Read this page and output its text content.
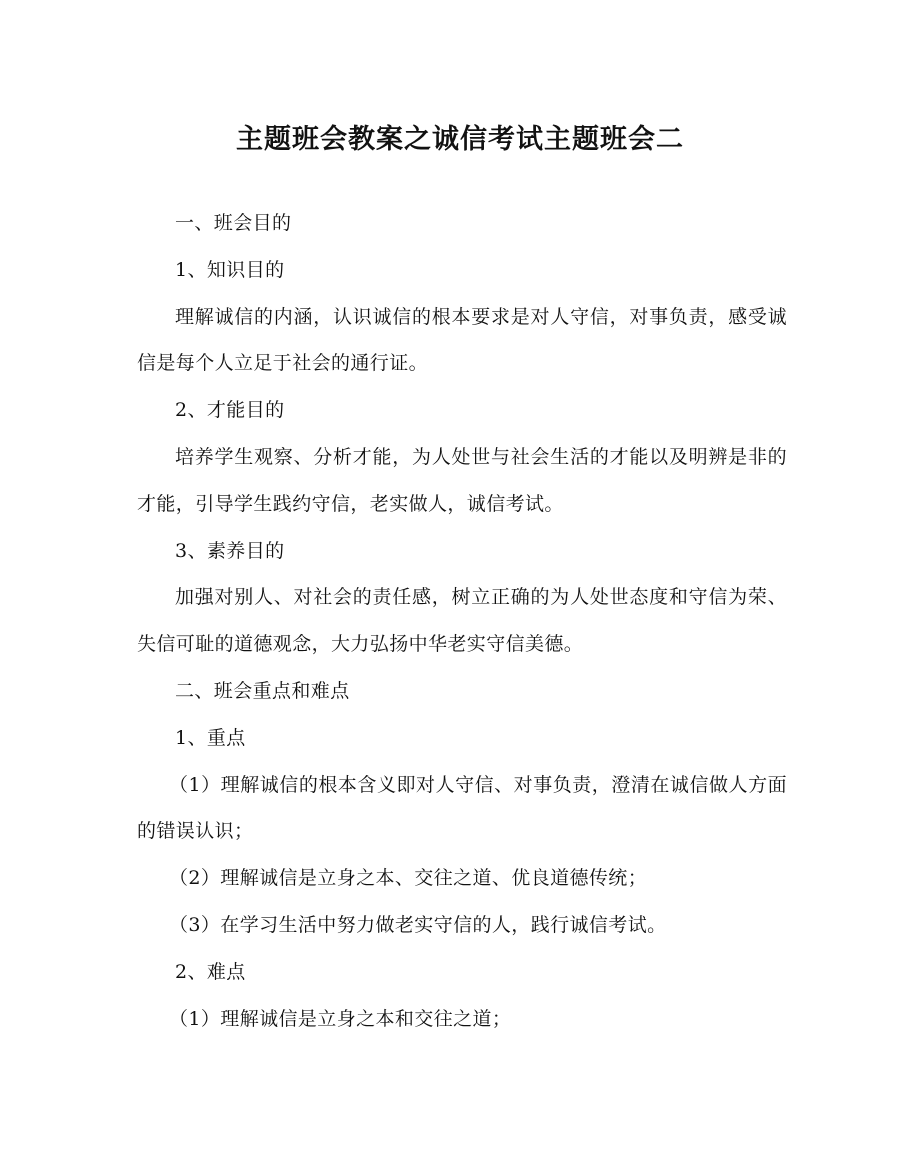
主题班会教案之诚信考试主题班会二

一、班会目的

1、知识目的

理解诚信的内涵，认识诚信的根本要求是对人守信，对事负责，感受诚信是每个人立足于社会的通行证。

2、才能目的

培养学生观察、分析才能，为人处世与社会生活的才能以及明辨是非的才能，引导学生践约守信，老实做人，诚信考试。

3、素养目的

加强对别人、对社会的责任感，树立正确的为人处世态度和守信为荣、失信可耻的道德观念，大力弘扬中华老实守信美德。

二、班会重点和难点

1、重点

（1）理解诚信的根本含义即对人守信、对事负责，澄清在诚信做人方面的错误认识；

（2）理解诚信是立身之本、交往之道、优良道德传统；

（3）在学习生活中努力做老实守信的人，践行诚信考试。

2、难点

（1）理解诚信是立身之本和交往之道；
